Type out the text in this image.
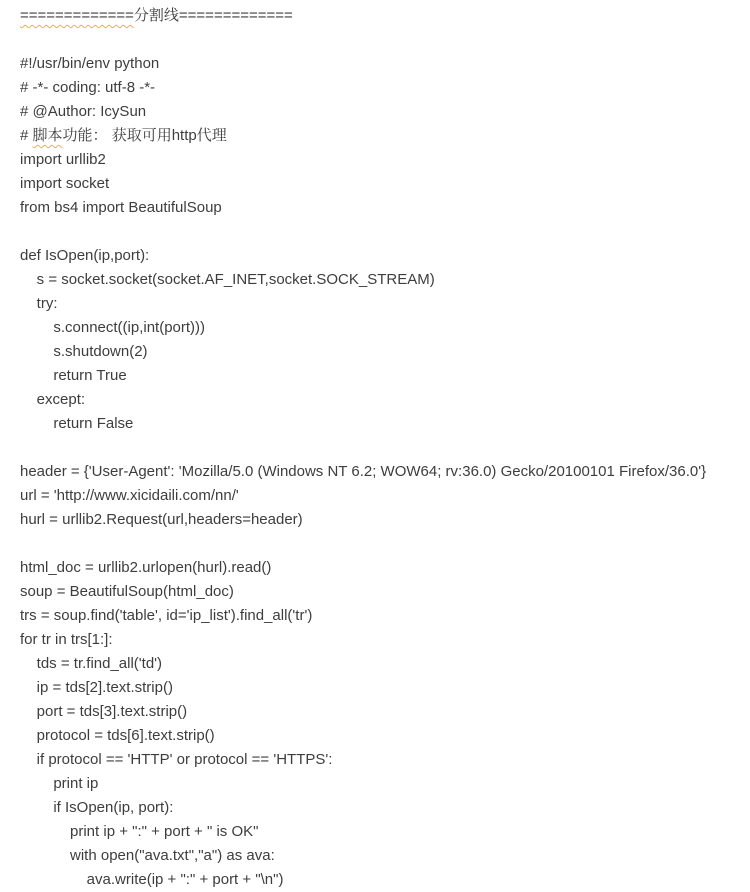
=============分割线=============
#!/usr/bin/env python
# -*- coding: utf-8 -*-
# @Author: IcySun
# 脚本功能： 获取可用http代理
import urllib2
import socket
from bs4 import BeautifulSoup
def IsOpen(ip,port):
s = socket.socket(socket.AF_INET,socket.SOCK_STREAM)
try:
s.connect((ip,int(port)))
s.shutdown(2)
return True
except:
return False
header = {'User-Agent': 'Mozilla/5.0 (Windows NT 6.2; WOW64; rv:36.0) Gecko/20100101 Firefox/36.0'}
url = 'http://www.xicidaili.com/nn/'
hurl = urllib2.Request(url,headers=header)
html_doc = urllib2.urlopen(hurl).read()
soup = BeautifulSoup(html_doc)
trs = soup.find('table', id='ip_list').find_all('tr')
for tr in trs[1:]:
tds = tr.find_all('td')
ip = tds[2].text.strip()
port = tds[3].text.strip()
protocol = tds[6].text.strip()
if protocol == 'HTTP' or protocol == 'HTTPS':
print ip
if IsOpen(ip, port):
print ip + ":" + port + " is OK"
with open("ava.txt","a") as ava:
ava.write(ip + ":" + port + "\n")
